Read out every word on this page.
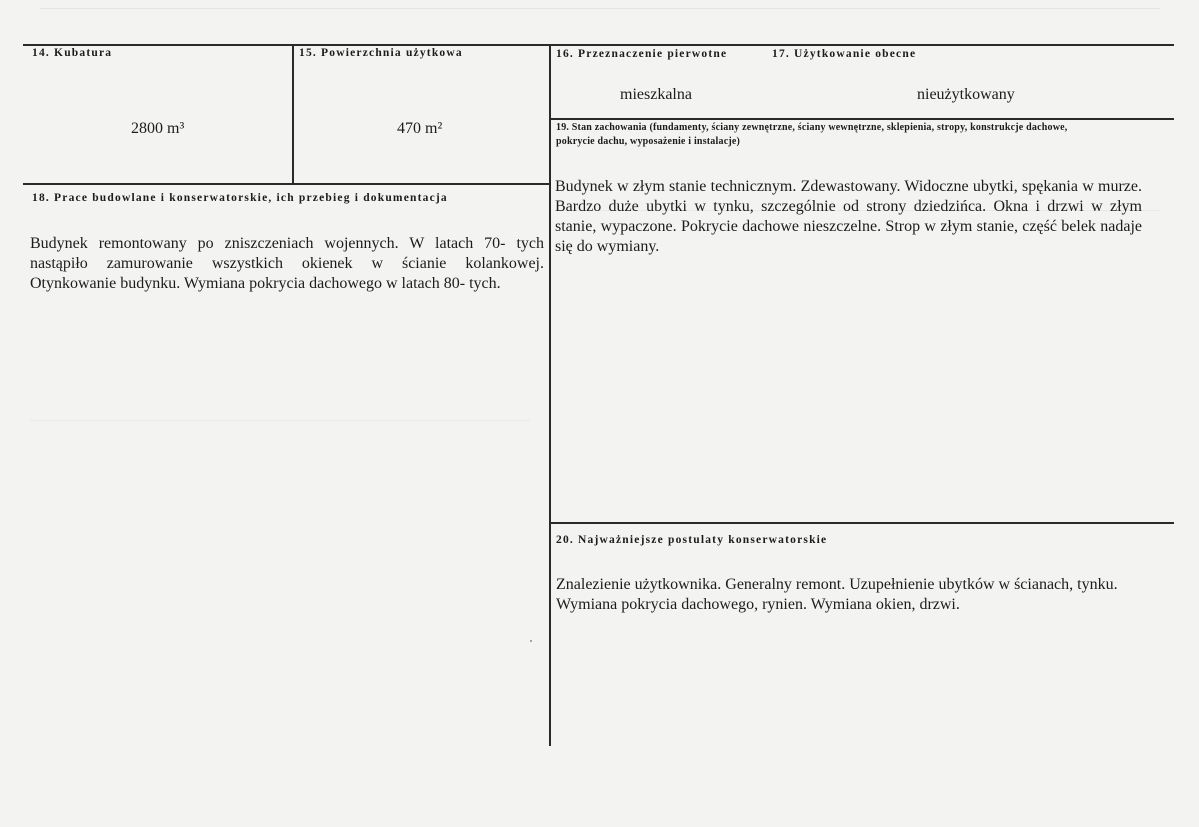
14. Kubatura
2800 m³
15. Powierzchnia użytkowa
470 m²
16. Przeznaczenie pierwotne	17. Użytkowanie obecne
mieszkalna	nieużytkowany
19. Stan zachowania (fundamenty, ściany zewnętrzne, ściany wewnętrzne, sklepienia, stropy, konstrukcje dachowe, pokrycie dachu, wyposażenie i instalacje)
Budynek w złym stanie technicznym. Zdewastowany. Widoczne ubytki, spękania w murze. Bardzo duże ubytki w tynku, szczególnie od strony dziedzińca. Okna i drzwi w złym stanie, wypaczone. Pokrycie dachowe nieszczelne. Strop w złym stanie, część belek nadaje się do wymiany.
18. Prace budowlane i konserwatorskie, ich przebieg i dokumentacja
Budynek remontowany po zniszczeniach wojennych. W latach 70- tych nastąpiło zamurowanie wszystkich okienek w ścianie kolankowej. Otynkowanie budynku. Wymiana pokrycia dachowego w latach 80- tych.
20. Najważniejsze postulaty konserwatorskie
Znalezienie użytkownika. Generalny remont. Uzupełnienie ubytków w ścianach, tynku. Wymiana pokrycia dachowego, rynien. Wymiana okien, drzwi.
